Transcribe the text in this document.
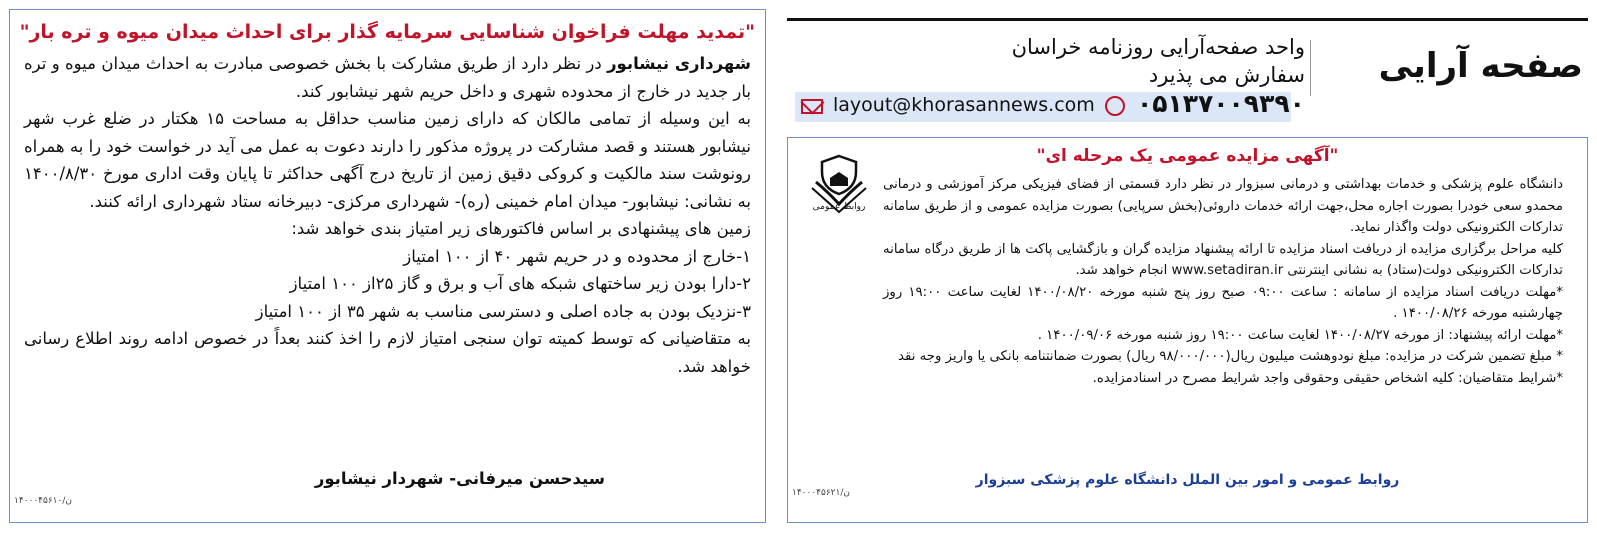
"تمدید مهلت فراخوان شناسایی سرمایه گذار برای احداث میدان میوه و تره بار"

شهرداری نیشابور در نظر دارد از طریق مشارکت با بخش خصوصی مبادرت به احداث میدان میوه و تره بار جدید در خارج از محدوده شهری و داخل حریم شهر نیشابور کند.

به این وسیله از تمامی مالکان که دارای زمین مناسب حداقل به مساحت ۱۵ هکتار در ضلع غرب شهر نیشابور هستند و قصد مشارکت در پروژه مذکور را دارند دعوت به عمل می آید در خواست خود را به همراه رونوشت سند مالکیت و کروکی دقیق زمین از تاریخ درج آگهی حداکثر تا پایان وقت اداری مورخ ۱۴۰۰/۸/۳۰ به نشانی: نیشابور- میدان امام خمینی (ره)- شهرداری مرکزی- دبیرخانه ستاد شهرداری ارائه کنند.

زمین های پیشنهادی بر اساس فاکتورهای زیر امتیاز بندی خواهد شد:

۱-خارج از محدوده و در حریم شهر ۴۰ از ۱۰۰ امتیاز

۲-دارا بودن زیر ساختهای شبکه های آب و برق و گاز ۲۵از ۱۰۰ امتیاز

۳-نزدیک بودن به جاده اصلی و دسترسی مناسب به شهر ۳۵ از ۱۰۰ امتیاز

به متقاضیانی که توسط کمیته توان سنجی امتیاز لازم را اخذ کنند بعداً در خصوص ادامه روند اطلاع رسانی خواهد شد.

سیدحسن میرفانی- شهردار نیشابور
ن/۱۴۰۰۰۴۵۶۱۰
صفحه آرایی
واحد صفحه‌آرایی روزنامه خراسان
سفارش می پذیرد
۰۵۱۳۷۰۰۹۳۹۰
layout@khorasannews.com
"آگهی مزایده عمومی یک مرحله ای"
روابط عمومی

دانشگاه علوم پزشکی و خدمات بهداشتی و درمانی سبزوار در نظر دارد قسمتی از فضای فیزیکی مرکز آموزشی و درمانی محمدو سعی خودرا بصورت اجاره محل،جهت ارائه خدمات داروئی(بخش سرپایی) بصورت مزایده عمومی و از طریق سامانه تدارکات الکترونیکی دولت واگذار نماید.

کلیه مراحل برگزاری مزایده از دریافت اسناد مزایده تا ارائه پیشنهاد مزایده گران و بازگشایی پاکت ها از طریق درگاه سامانه تدارکات الکترونیکی دولت(ستاد) به نشانی اینترنتی www.setadiran.ir انجام خواهد شد.

*مهلت دریافت اسناد مزایده از سامانه : ساعت ۰۹:۰۰ صبح روز پنج شنبه مورخه ۱۴۰۰/۰۸/۲۰ لغایت ساعت ۱۹:۰۰ روز چهارشنبه مورخه ۱۴۰۰/۰۸/۲۶ .

*مهلت ارائه پیشنهاد: از مورخه ۱۴۰۰/۰۸/۲۷ لغایت ساعت ۱۹:۰۰ روز شنبه مورخه ۱۴۰۰/۰۹/۰۶ .

* مبلغ تضمین شرکت در مزایده: مبلغ نودوهشت میلیون ریال(۹۸/۰۰۰/۰۰۰ ریال) بصورت ضمانتنامه بانکی یا واریز وجه نقد

*شرایط متقاضیان: کلیه اشخاص حقیقی وحقوقی واجد شرایط مصرح در اسنادمزایده.

روابط عمومی و امور بین الملل دانشگاه علوم پزشکی سبزوار
ن/۱۴۰۰۰۴۵۶۲۱
